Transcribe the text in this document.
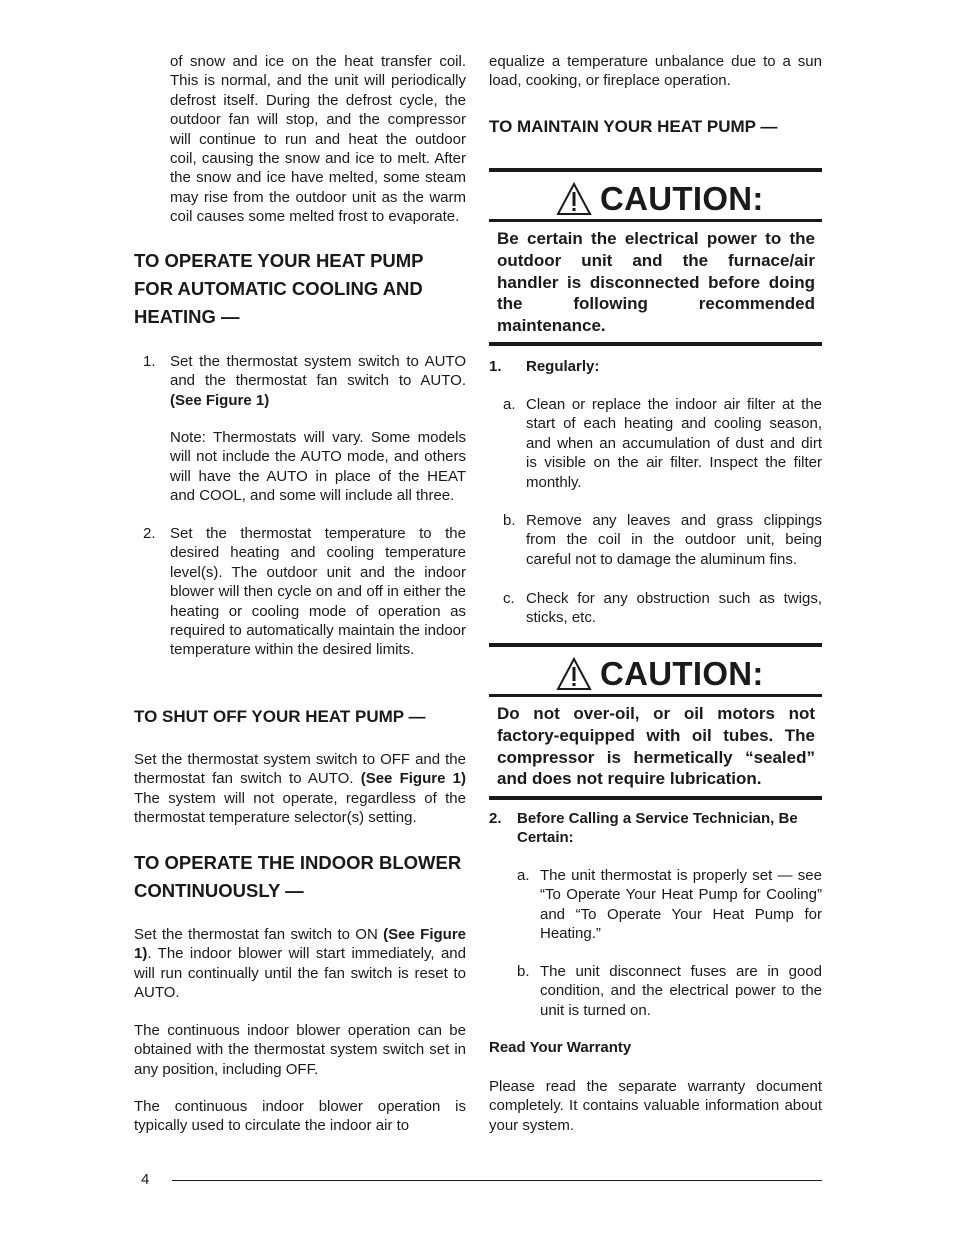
of snow and ice on the heat transfer coil. This is normal, and the unit will periodically defrost itself. During the defrost cycle, the outdoor fan will stop, and the compressor will continue to run and heat the outdoor coil, causing the snow and ice to melt. After the snow and ice have melted, some steam may rise from the outdoor unit as the warm coil causes some melted frost to evaporate.

TO OPERATE YOUR HEAT PUMP FOR AUTOMATIC COOLING AND HEATING —
1. Set the thermostat system switch to AUTO and the thermostat fan switch to AUTO. (See Figure 1)

Note: Thermostats will vary. Some models will not include the AUTO mode, and others will have the AUTO in place of the HEAT and COOL, and some will include all three.

2. Set the thermostat temperature to the desired heating and cooling temperature level(s). The outdoor unit and the indoor blower will then cycle on and off in either the heating or cooling mode of operation as required to automatically maintain the indoor temperature within the desired limits.

TO SHUT OFF YOUR HEAT PUMP —

Set the thermostat system switch to OFF and the thermostat fan switch to AUTO. (See Figure 1) The system will not operate, regardless of the thermostat temperature selector(s) setting.

TO OPERATE THE INDOOR BLOWER CONTINUOUSLY —

Set the thermostat fan switch to ON (See Figure 1). The indoor blower will start immediately, and will run continually until the fan switch is reset to AUTO.

The continuous indoor blower operation can be obtained with the thermostat system switch set in any position, including OFF.

The continuous indoor blower operation is typically used to circulate the indoor air to

equalize a temperature unbalance due to a sun load, cooking, or fireplace operation.

TO MAINTAIN YOUR HEAT PUMP —
CAUTION:
Be certain the electrical power to the outdoor unit and the furnace/air handler is disconnected before doing the following recommended maintenance.
1. Regularly:
a. Clean or replace the indoor air filter at the start of each heating and cooling season, and when an accumulation of dust and dirt is visible on the air filter. Inspect the filter monthly.

b. Remove any leaves and grass clippings from the coil in the outdoor unit, being careful not to damage the aluminum fins.

c. Check for any obstruction such as twigs, sticks, etc.

CAUTION:
Do not over-oil, or oil motors not factory-equipped with oil tubes. The compressor is hermetically “sealed” and does not require lubrication.
2. Before Calling a Service Technician, Be Certain:
a. The unit thermostat is properly set — see “To Operate Your Heat Pump for Cooling” and “To Operate Your Heat Pump for Heating.”

b. The unit disconnect fuses are in good condition, and the electrical power to the unit is turned on.

Read Your Warranty

Please read the separate warranty document completely. It contains valuable information about your system.

4
